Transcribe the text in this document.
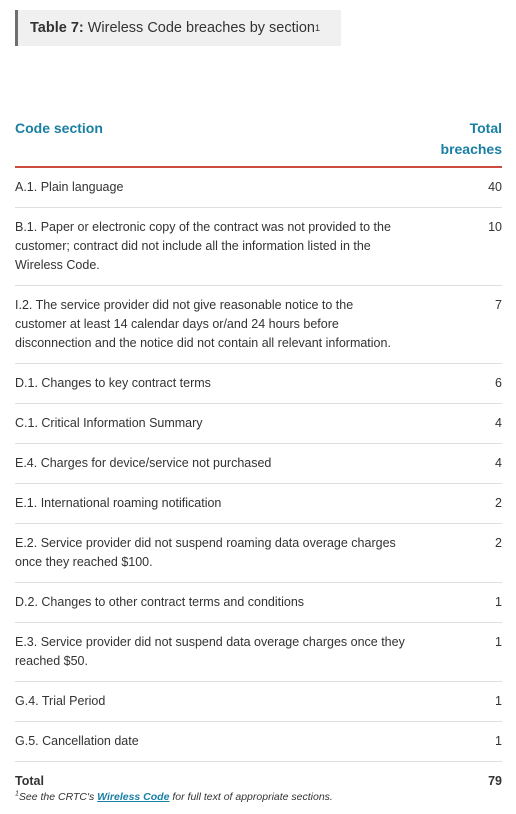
Table 7: Wireless Code breaches by section 1
Code section	Total
breaches
A.1. Plain language	40
B.1. Paper or electronic copy of the contract was not provided to the customer; contract did not include all the information listed in the Wireless Code.	10
I.2. The service provider did not give reasonable notice to the customer at least 14 calendar days or/and 24 hours before disconnection and the notice did not contain all relevant information.	7
D.1. Changes to key contract terms	6
C.1. Critical Information Summary	4
E.4. Charges for device/service not purchased	4
E.1. International roaming notification	2
E.2. Service provider did not suspend roaming data overage charges once they reached $100.	2
D.2. Changes to other contract terms and conditions	1
E.3. Service provider did not suspend data overage charges once they reached $50.	1
G.4. Trial Period	1
G.5. Cancellation date	1
Total	79
$^1$See the CRTC's Wireless Code for full text of appropriate sections.
